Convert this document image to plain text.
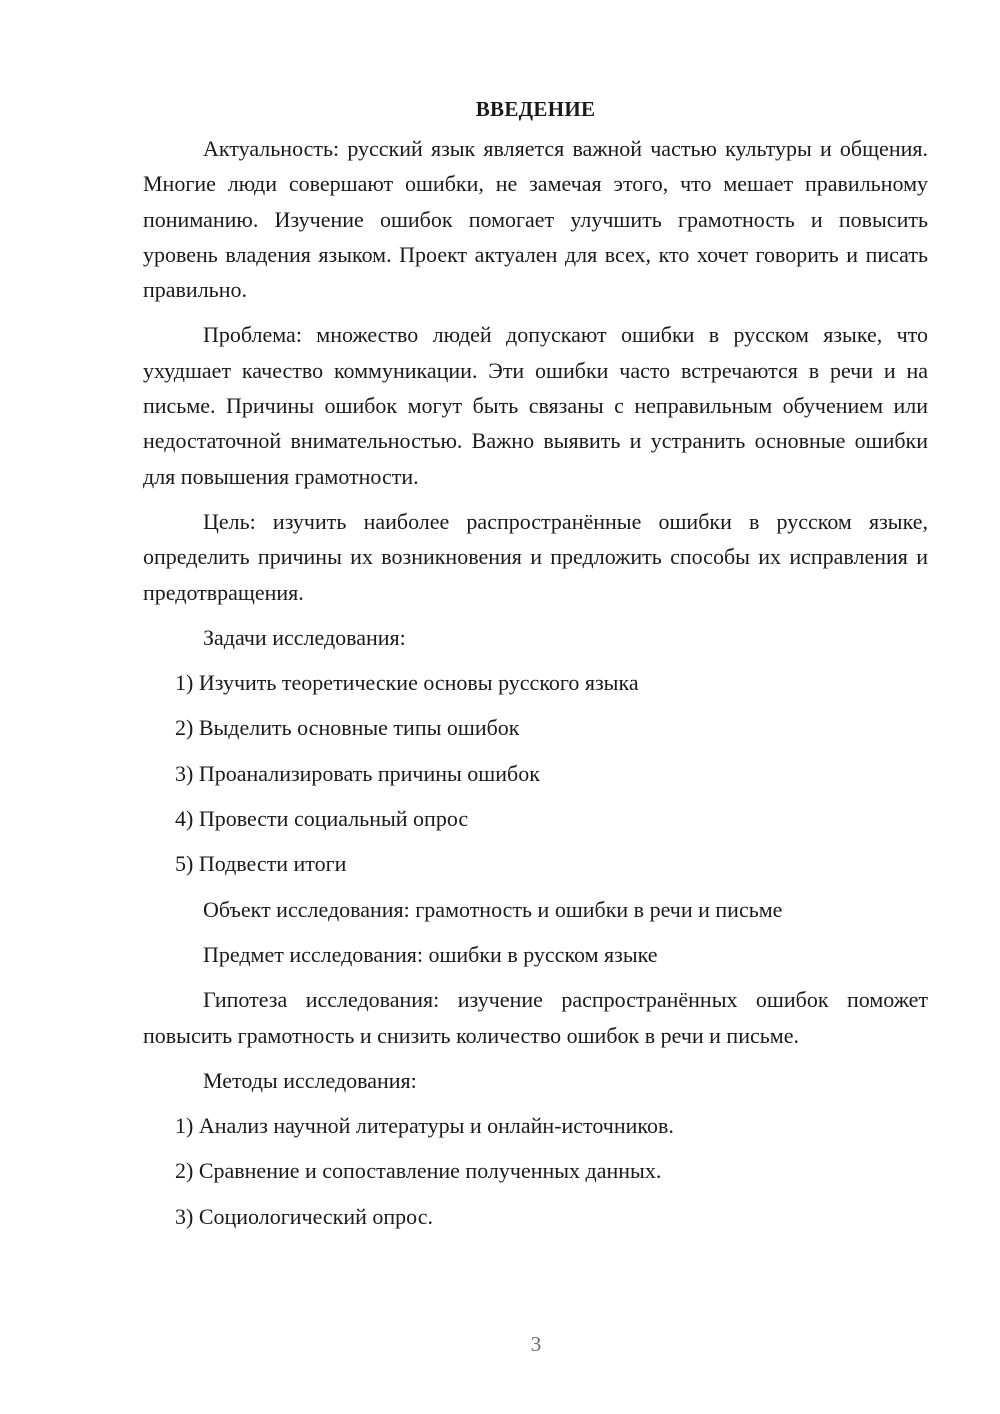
ВВЕДЕНИЕ

Актуальность: русский язык является важной частью культуры и общения. Многие люди совершают ошибки, не замечая этого, что мешает правильному пониманию. Изучение ошибок помогает улучшить грамотность и повысить уровень владения языком. Проект актуален для всех, кто хочет говорить и писать правильно.

Проблема: множество людей допускают ошибки в русском языке, что ухудшает качество коммуникации. Эти ошибки часто встречаются в речи и на письме. Причины ошибок могут быть связаны с неправильным обучением или недостаточной внимательностью. Важно выявить и устранить основные ошибки для повышения грамотности.

Цель: изучить наиболее распространённые ошибки в русском языке, определить причины их возникновения и предложить способы их исправления и предотвращения.

Задачи исследования:

1) Изучить теоретические основы русского языка
2) Выделить основные типы ошибок
3) Проанализировать причины ошибок
4) Провести социальный опрос
5) Подвести итоги

Объект исследования: грамотность и ошибки в речи и письме

Предмет исследования: ошибки в русском языке

Гипотеза исследования: изучение распространённых ошибок поможет повысить грамотность и снизить количество ошибок в речи и письме.

Методы исследования:

1) Анализ научной литературы и онлайн-источников.
2) Сравнение и сопоставление полученных данных.
3) Социологический опрос.
3
